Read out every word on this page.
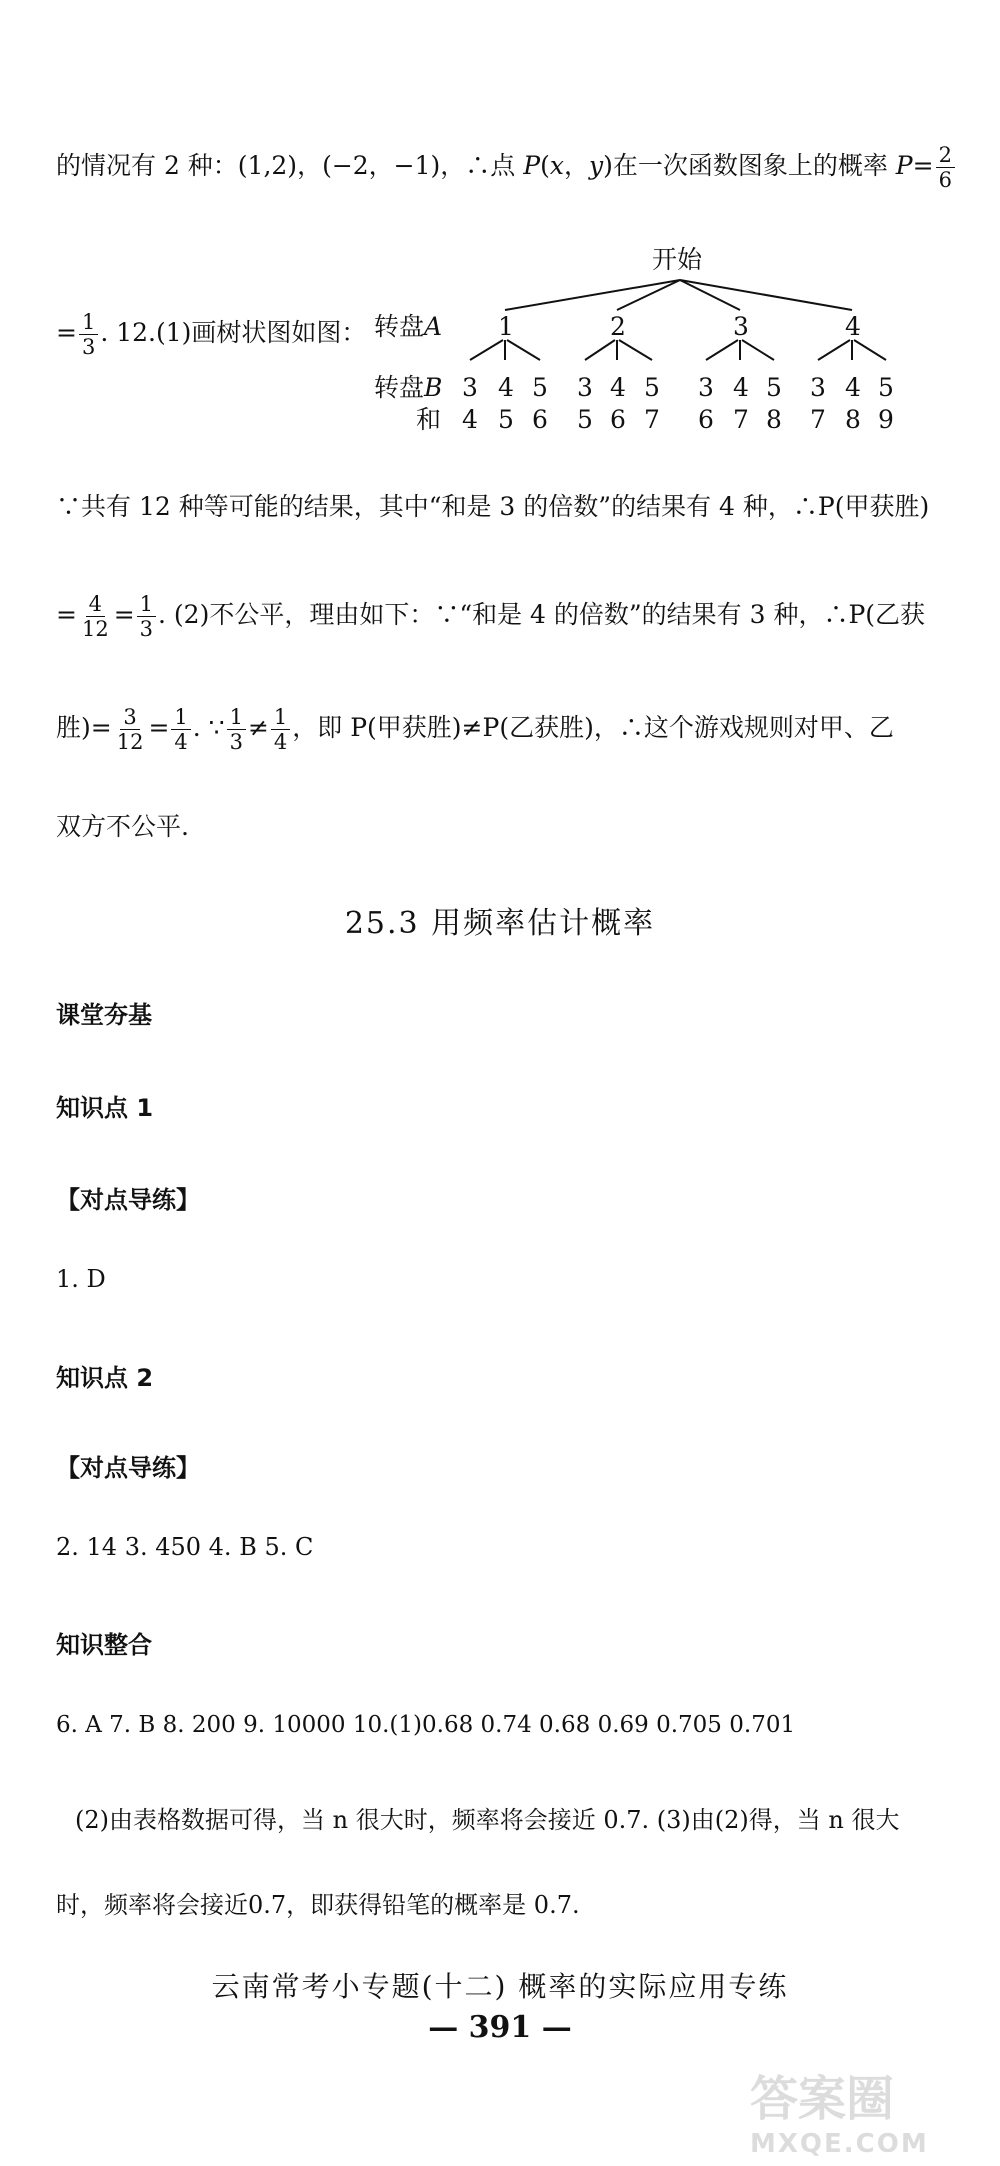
的情况有 2 种：(1,2)，(−2，−1)，∴点 P(x，y)在一次函数图象上的概率 $P= \frac{2}{6}$
= $\frac{1}{3}$ . 12.(1)画树状图如图：
开始
转盘A
转盘B
和
1	2	3	4
3 4 5 3 4 5 3 4 5 3 4 5
4 5 6 5 6 7 6 7 8 7 8 9
∵共有 12 种等可能的结果，其中“和是 3 的倍数”的结果有 4 种，∴P(甲获胜)
= $\frac{4}{12} = \frac{1}{3}$ . (2)不公平，理由如下：∵“和是 4 的倍数”的结果有 3 种，∴P(乙获
胜)= $\frac{3}{12} = \frac{1}{4}$ . ∵ $\frac{1}{3} \ne \frac{1}{4}$ ，即 P(甲获胜)≠P(乙获胜)，∴这个游戏规则对甲、乙
双方不公平.
25.3 用频率估计概率
课堂夯基
知识点 1
【对点导练】
1. D
知识点 2
【对点导练】
2. 14 3. 450 4. B 5. C
知识整合
6. A 7. B 8. 200 9. 10000 10.(1)0.68 0.74 0.68 0.69 0.705 0.701
(2)由表格数据可得，当 n 很大时，频率将会接近 0.7. (3)由(2)得，当 n 很大
时，频率将会接近0.7，即获得铅笔的概率是 0.7.
云南常考小专题(十二) 概率的实际应用专练
— 391 —
答案圈
MXQE.COM
